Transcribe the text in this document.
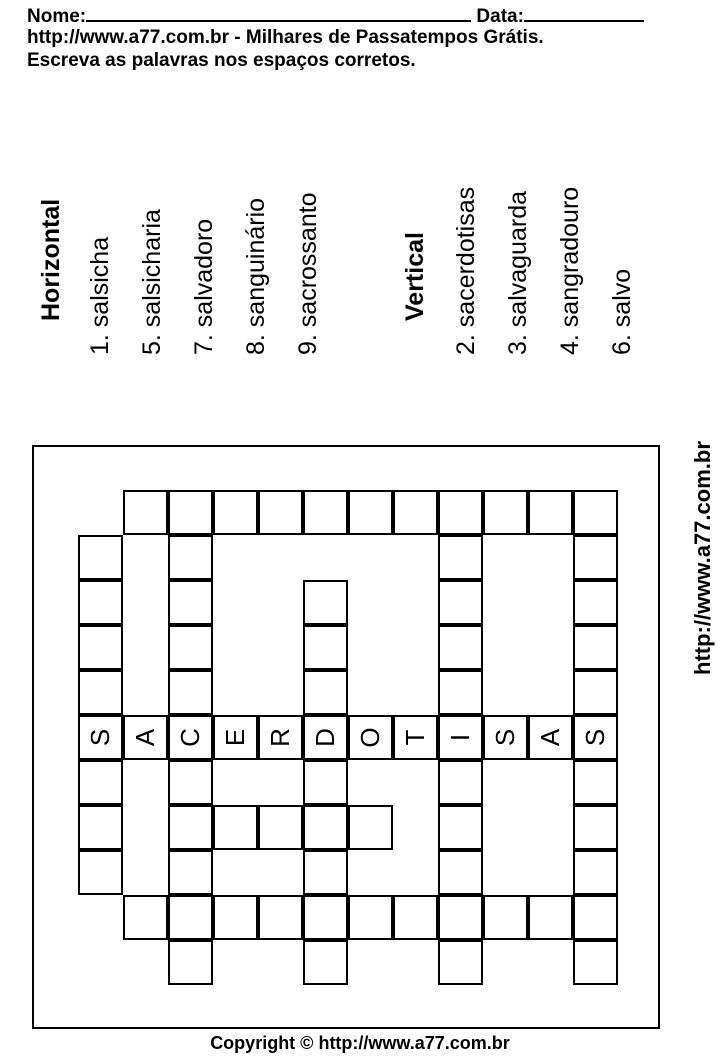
Nome:	Data:
http://www.a77.com.br - Milhares de Passatempos Grátis.
Escreva as palavras nos espaços corretos.
Horizontal 1. salsicha 5. salsicharia 7. salvadoro 8. sanguinário 9. sacrossanto	Vertical 2. sacerdotisas 3. salvaguarda 4. sangradouro 6. salvo
http://www.a77.com.br
S A C E R D O T I S A S
Copyright © http://www.a77.com.br
